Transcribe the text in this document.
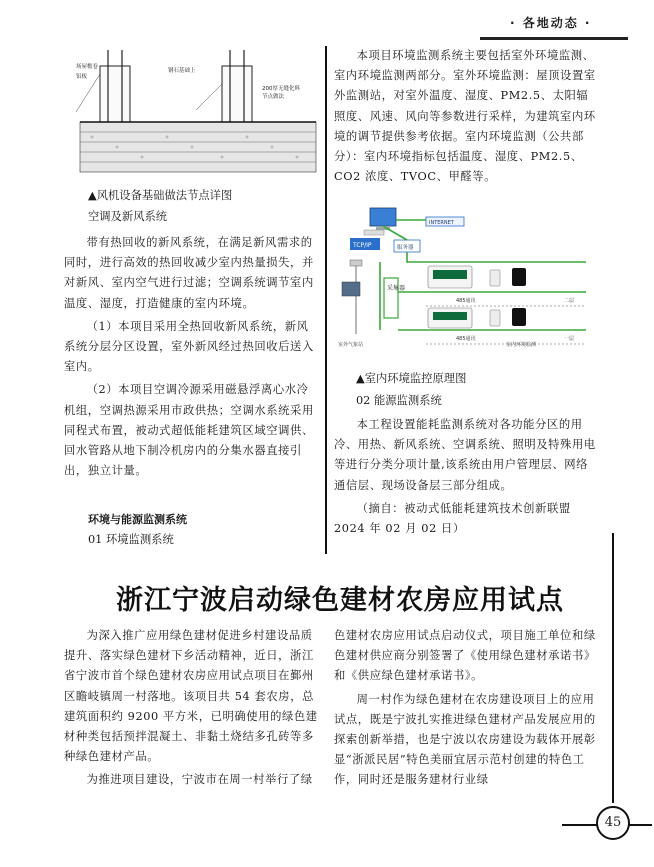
· 各地动态 ·
场屋檐卷
铝板
钢石基础上
200厚无缝化料
节点做法
▲风机设备基础做法节点详图
空调及新风系统

带有热回收的新风系统，在满足新风需求的同时，进行高效的热回收减少室内热量损失，并对新风、室内空气进行过滤；空调系统调节室内温度、湿度，打造健康的室内环境。

（1）本项目采用全热回收新风系统，新风系统分层分区设置，室外新风经过热回收后送入室内。

（2）本项目空调冷源采用磁悬浮离心水冷机组，空调热源采用市政供热；空调水系统采用同程式布置，被动式超低能耗建筑区域空调供、回水管路从地下制冷机房内的分集水器直接引出，独立计量。

环境与能源监测系统
01 环境监测系统

本项目环境监测系统主要包括室外环境监测、室内环境监测两部分。室外环境监测：屋顶设置室外监测站，对室外温度、湿度、PM2.5、太阳辐照度、风速、风向等参数进行采样，为建筑室内环境的调节提供参考依据。室内环境监测（公共部分）：室内环境指标包括温度、湿度、PM2.5、CO2 浓度、TVOC、甲醛等。

INTERNET
TCP/IP	服务器
采集器
室外气象站
485通讯	二层
485通讯	一层
室内环境监测
▲室内环境监控原理图
02 能源监测系统

本工程设置能耗监测系统对各功能分区的用冷、用热、新风系统、空调系统、照明及特殊用电等进行分类分项计量,该系统由用户管理层、网络通信层、现场设备层三部分组成。

（摘自：被动式低能耗建筑技术创新联盟 2024 年 02 月 02 日）

浙江宁波启动绿色建材农房应用试点

为深入推广应用绿色建材促进乡村建设品质提升、落实绿色建材下乡活动精神，近日，浙江省宁波市首个绿色建材农房应用试点项目在鄞州区瞻岐镇周一村落地。该项目共 54 套农房，总建筑面积约 9200 平方米，已明确使用的绿色建材种类包括预拌混凝土、非黏土烧结多孔砖等多种绿色建材产品。

为推进项目建设，宁波市在周一村举行了绿

色建材农房应用试点启动仪式，项目施工单位和绿色建材供应商分别签署了《使用绿色建材承诺书》和《供应绿色建材承诺书》。

周一村作为绿色建材在农房建设项目上的应用试点，既是宁波扎实推进绿色建材产品发展应用的探索创新举措，也是宁波以农房建设为载体开展彰显“浙派民居”特色美丽宜居示范村创建的特色工作，同时还是服务建材行业绿

45
